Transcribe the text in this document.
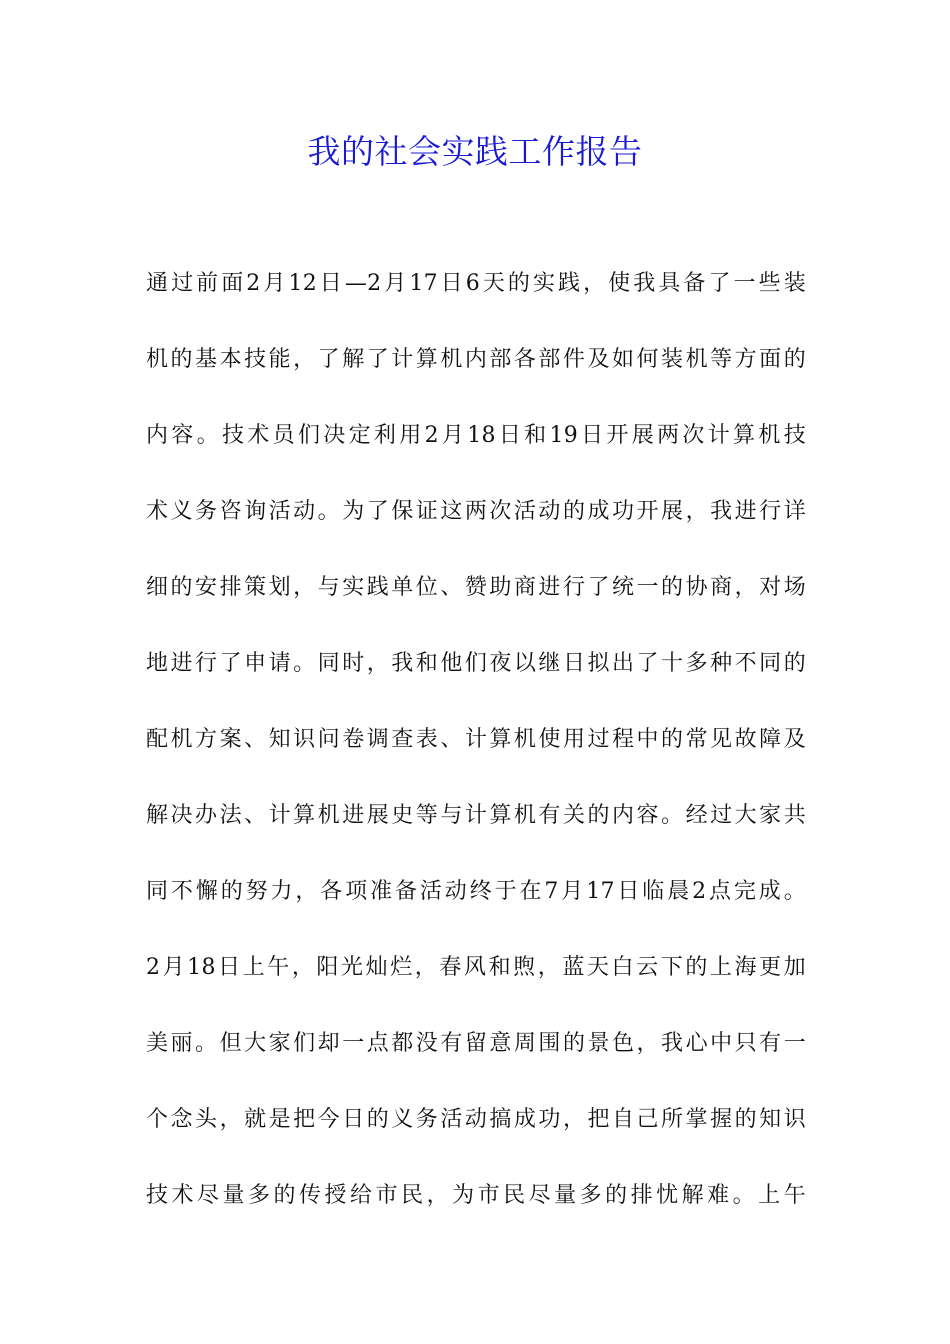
我的社会实践工作报告
通过前面2月12日—2月17日6天的实践，使我具备了一些装
机的基本技能，了解了计算机内部各部件及如何装机等方面的
内容。技术员们决定利用2月18日和19日开展两次计算机技
术义务咨询活动。为了保证这两次活动的成功开展，我进行详
细的安排策划，与实践单位、赞助商进行了统一的协商，对场
地进行了申请。同时，我和他们夜以继日拟出了十多种不同的
配机方案、知识问卷调查表、计算机使用过程中的常见故障及
解决办法、计算机进展史等与计算机有关的内容。经过大家共
同不懈的努力，各项准备活动终于在7月17日临晨2点完成。
2月18日上午，阳光灿烂，春风和煦，蓝天白云下的上海更加
美丽。但大家们却一点都没有留意周围的景色，我心中只有一
个念头，就是把今日的义务活动搞成功，把自己所掌握的知识
技术尽量多的传授给市民，为市民尽量多的排忧解难。上午
